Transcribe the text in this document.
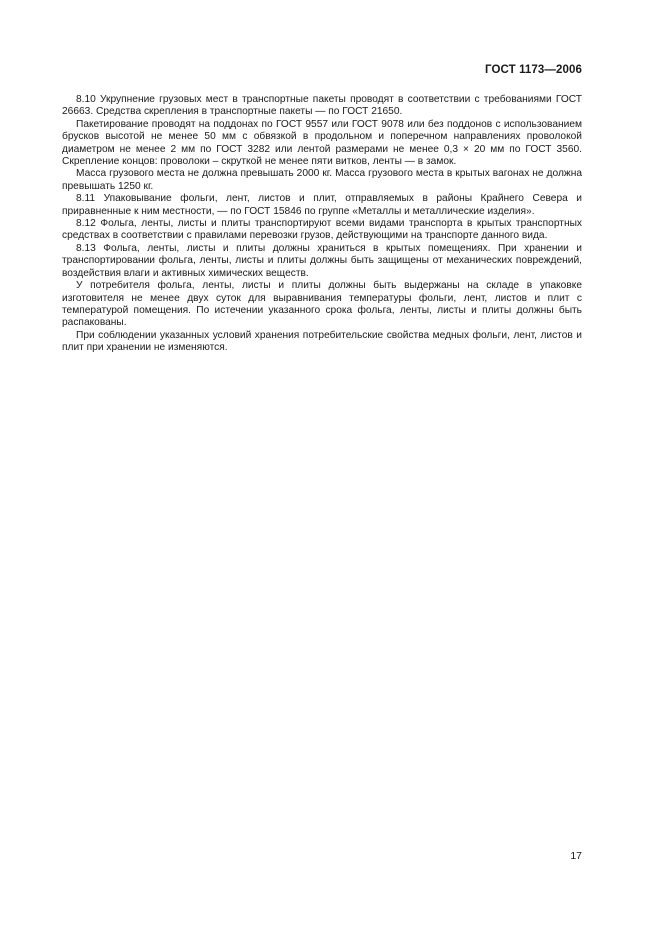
ГОСТ 1173—2006

8.10 Укрупнение грузовых мест в транспортные пакеты проводят в соответствии с требованиями ГОСТ 26663. Средства скрепления в транспортные пакеты — по ГОСТ 21650.

Пакетирование проводят на поддонах по ГОСТ 9557 или ГОСТ 9078 или без поддонов с использованием брусков высотой не менее 50 мм с обвязкой в продольном и поперечном направлениях проволокой диаметром не менее 2 мм по ГОСТ 3282 или лентой размерами не менее 0,3 × 20 мм по ГОСТ 3560. Скрепление концов: проволоки – скруткой не менее пяти витков, ленты — в замок.

Масса грузового места не должна превышать 2000 кг. Масса грузового места в крытых вагонах не должна превышать 1250 кг.

8.11 Упаковывание фольги, лент, листов и плит, отправляемых в районы Крайнего Севера и приравненные к ним местности, — по ГОСТ 15846 по группе «Металлы и металлические изделия».

8.12 Фольга, ленты, листы и плиты транспортируют всеми видами транспорта в крытых транспортных средствах в соответствии с правилами перевозки грузов, действующими на транспорте данного вида.

8.13 Фольга, ленты, листы и плиты должны храниться в крытых помещениях. При хранении и транспортировании фольга, ленты, листы и плиты должны быть защищены от механических повреждений, воздействия влаги и активных химических веществ.

У потребителя фольга, ленты, листы и плиты должны быть выдержаны на складе в упаковке изготовителя не менее двух суток для выравнивания температуры фольги, лент, листов и плит с температурой помещения. По истечении указанного срока фольга, ленты, листы и плиты должны быть распакованы.

При соблюдении указанных условий хранения потребительские свойства медных фольги, лент, листов и плит при хранении не изменяются.

17
